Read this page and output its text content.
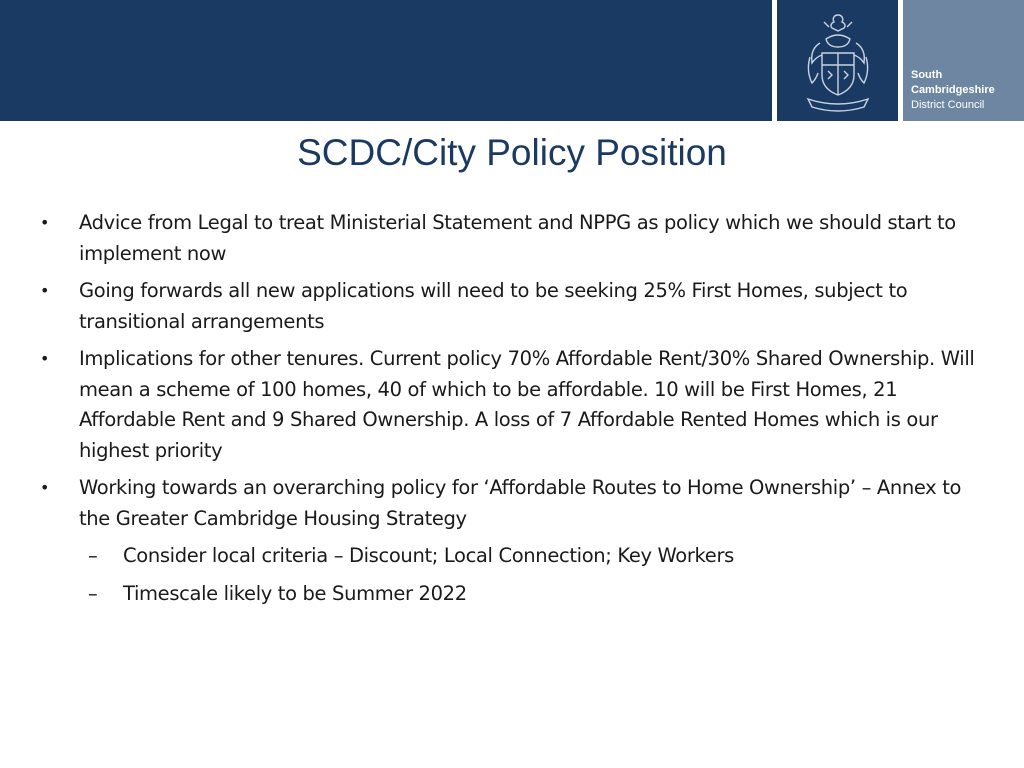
South
Cambridgeshire
District Council
SCDC/City Policy Position
• Advice from Legal to treat Ministerial Statement and NPPG as policy which we should start to implement now
• Going forwards all new applications will need to be seeking 25% First Homes, subject to transitional arrangements
• Implications for other tenures. Current policy 70% Affordable Rent/30% Shared Ownership. Will mean a scheme of 100 homes, 40 of which to be affordable. 10 will be First Homes, 21 Affordable Rent and 9 Shared Ownership. A loss of 7 Affordable Rented Homes which is our highest priority
• Working towards an overarching policy for ‘Affordable Routes to Home Ownership’ – Annex to the Greater Cambridge Housing Strategy
– Consider local criteria – Discount; Local Connection; Key Workers
– Timescale likely to be Summer 2022
